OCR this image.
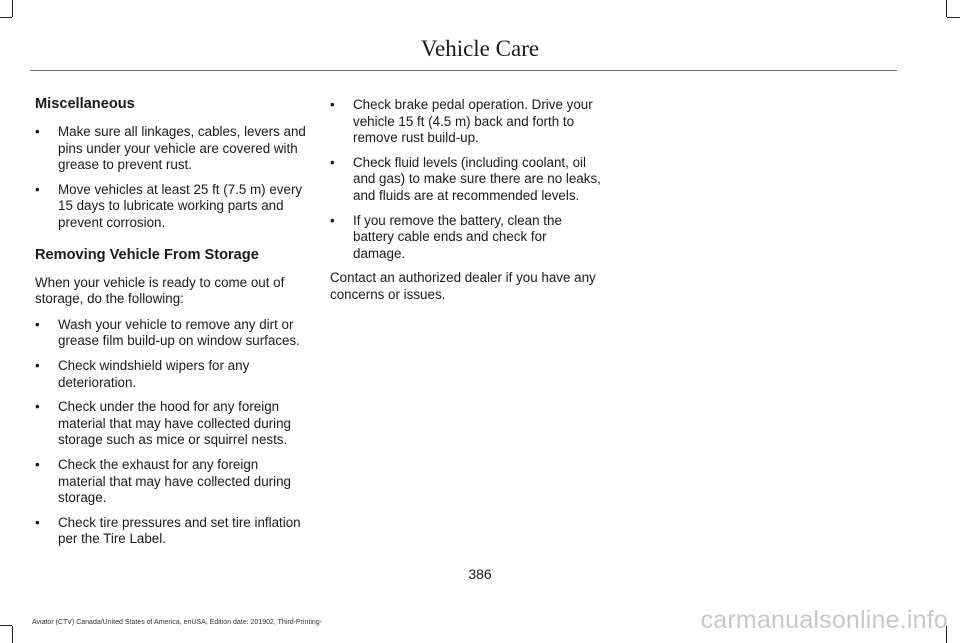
Vehicle Care
Miscellaneous
• Make sure all linkages, cables, levers and pins under your vehicle are covered with grease to prevent rust.
• Move vehicles at least 25 ft (7.5 m) every 15 days to lubricate working parts and prevent corrosion.
Removing Vehicle From Storage

When your vehicle is ready to come out of storage, do the following:

• Wash your vehicle to remove any dirt or grease film build-up on window surfaces.
• Check windshield wipers for any deterioration.
• Check under the hood for any foreign material that may have collected during storage such as mice or squirrel nests.
• Check the exhaust for any foreign material that may have collected during storage.
• Check tire pressures and set tire inflation per the Tire Label.
• Check brake pedal operation. Drive your vehicle 15 ft (4.5 m) back and forth to remove rust build-up.
• Check fluid levels (including coolant, oil and gas) to make sure there are no leaks, and fluids are at recommended levels.
• If you remove the battery, clean the battery cable ends and check for damage.

Contact an authorized dealer if you have any concerns or issues.

386
Aviator (CTV) Canada/United States of America, enUSA, Edition date: 201902, Third-Printing-	carmanualsonline.info
